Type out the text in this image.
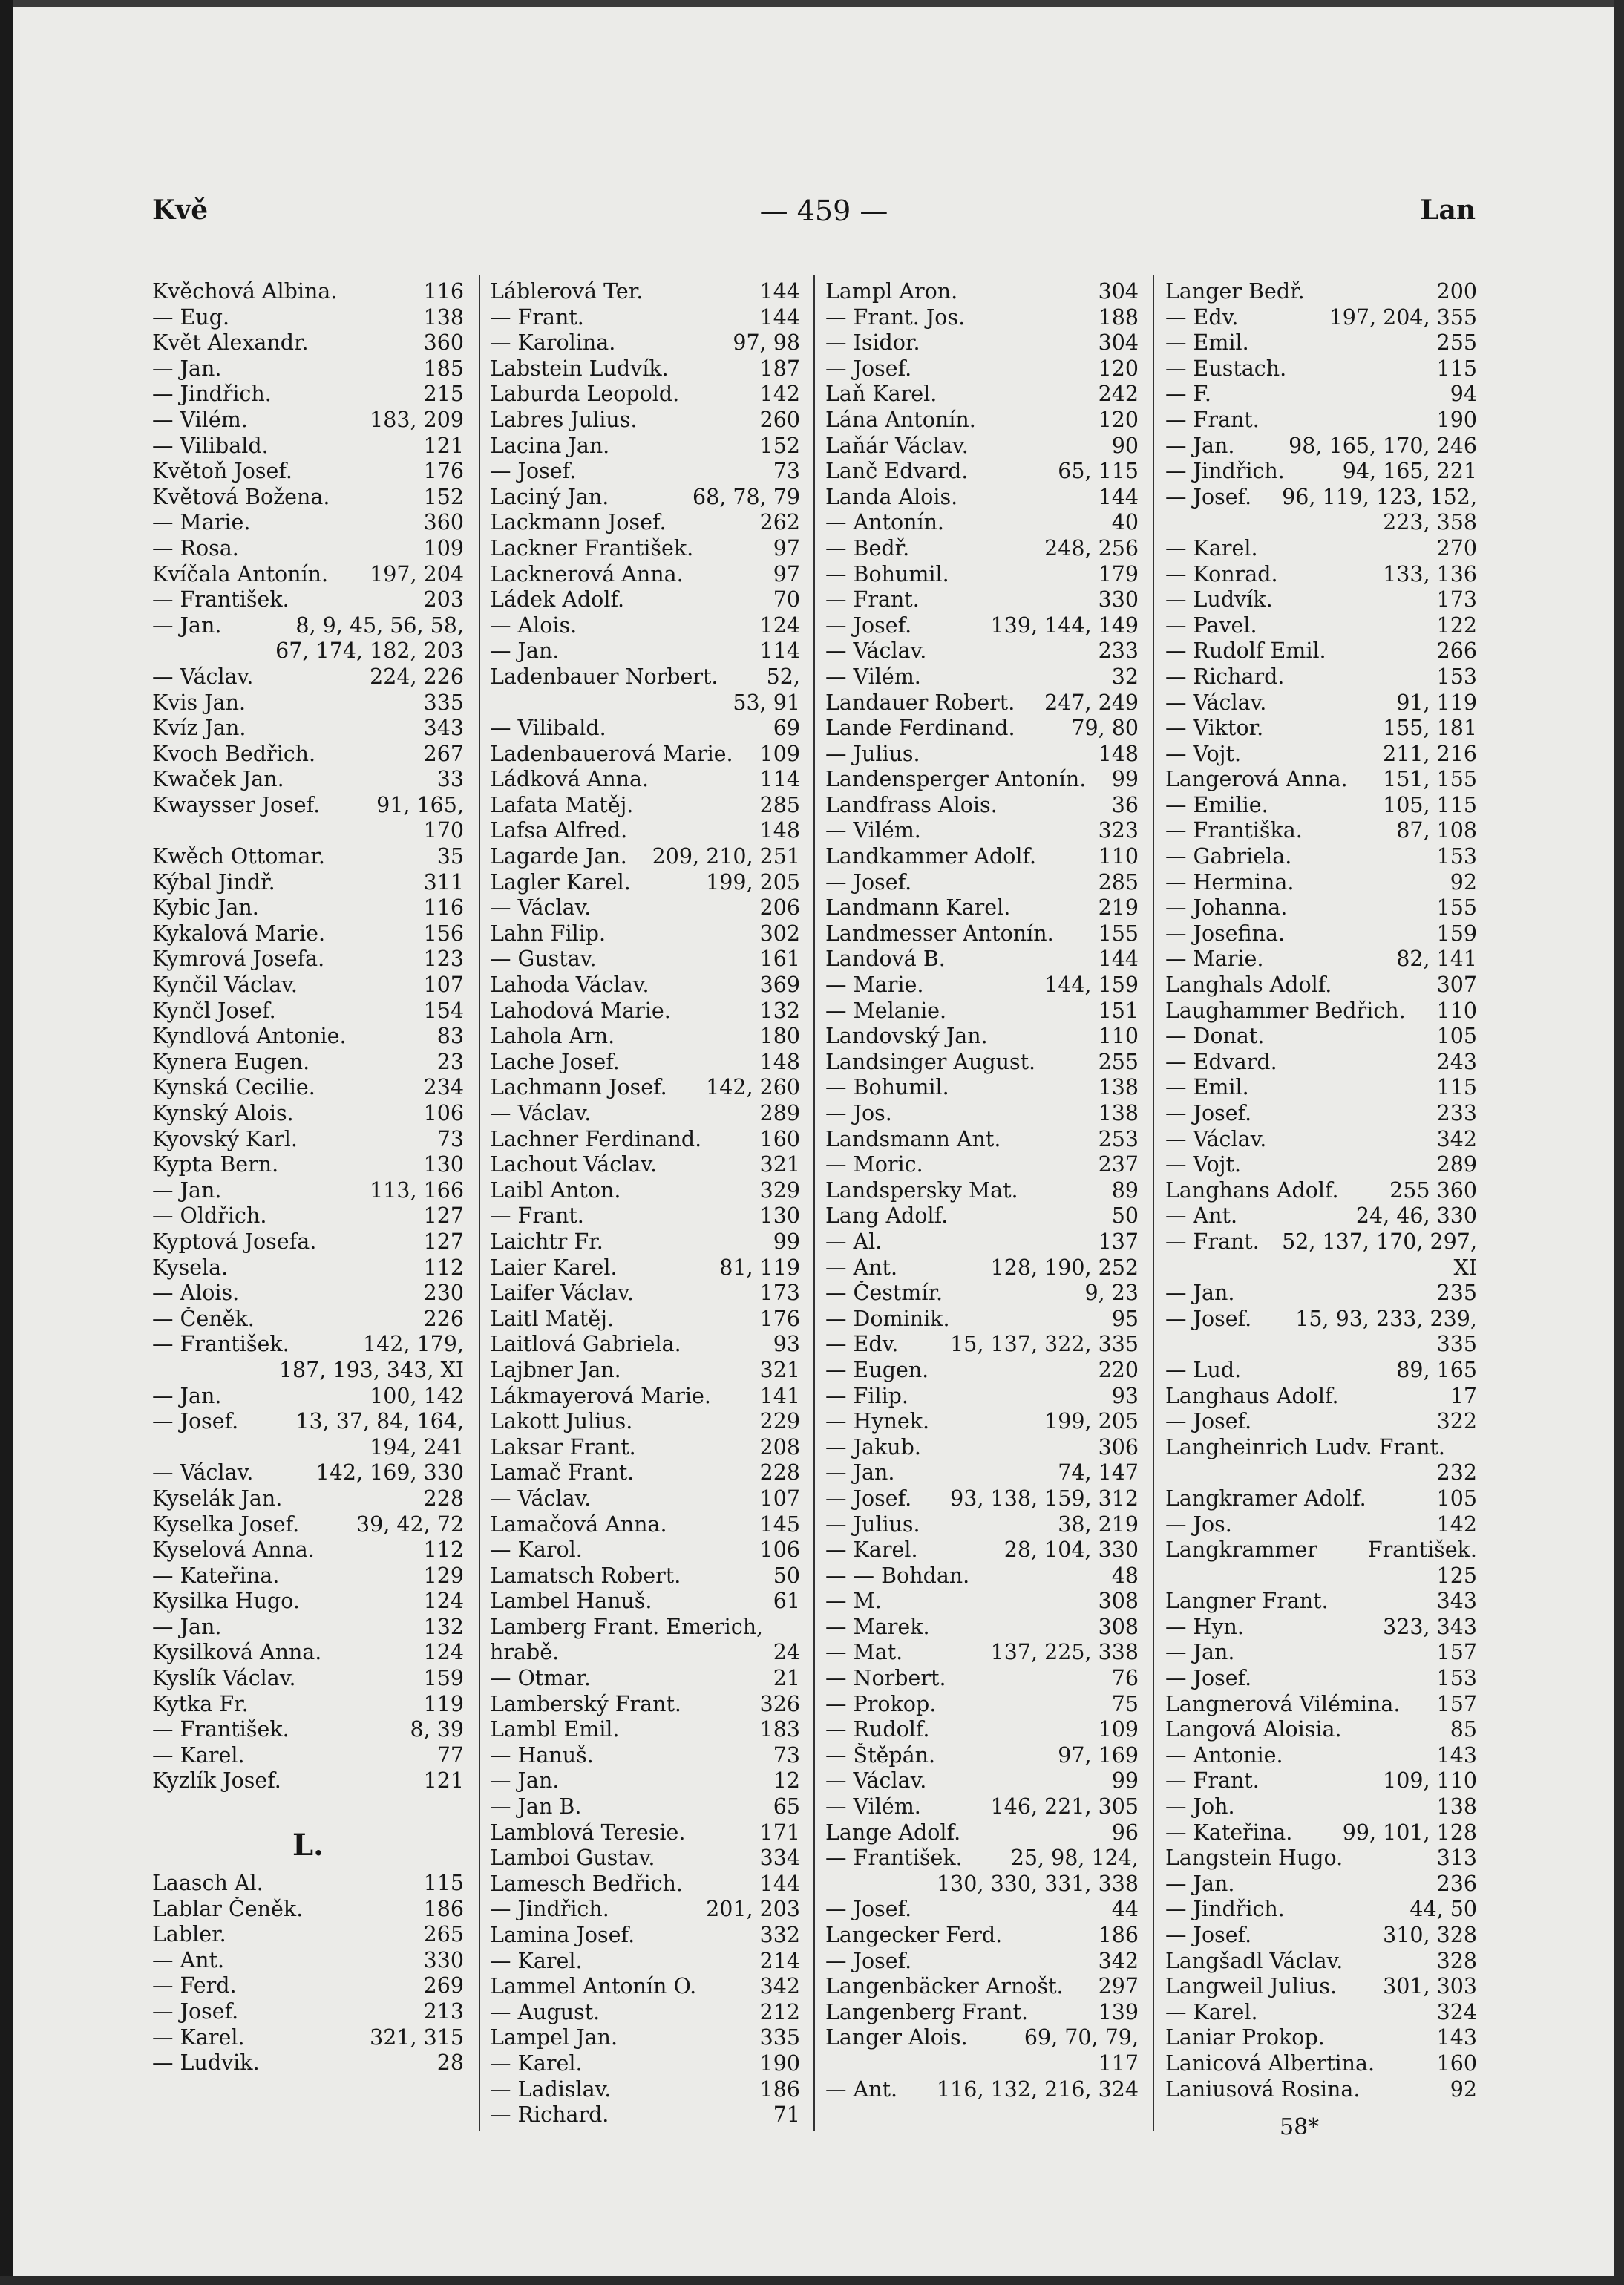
Kvě	— 459 —	Lan
Kvěchová Albina.	116
— Eug.	138
Květ Alexandr.	360
— Jan.	185
— Jindřich.	215
— Vilém.	183, 209
— Vilibald.	121
Květoň Josef.	176
Květová Božena.	152
— Marie.	360
— Rosa.	109
Kvíčala Antonín. 197, 204
— František.	203
— Jan.	8, 9, 45, 56, 58,
67, 174, 182, 203
— Václav.	224, 226
Kvis Jan.	335
Kvíz Jan.	343
Kvoch Bedřich.	267
Kwaček Jan.	33
Kwaysser Josef.	91, 165,
170
Kwěch Ottomar.	35
Kýbal Jindř.	311
Kybic Jan.	116
Kykalová Marie.	156
Kymrová Josefa.	123
Kynčil Václav.	107
Kynčl Josef.	154
Kyndlová Antonie.	83
Kynera Eugen.	23
Kynská Cecilie.	234
Kynský Alois.	106
Kyovský Karl.	73
Kypta Bern.	130
— Jan.	113, 166
— Oldřich.	127
Kyptová Josefa.	127
Kysela.	112
— Alois.	230
— Čeněk.	226
— František.	142, 179,
187, 193, 343, XI
— Jan.	100, 142
— Josef.	13, 37, 84, 164,
194, 241
— Václav.	142, 169, 330
Kyselák Jan.	228
Kyselka Josef.	39, 42, 72
Kyselová Anna.	112
— Kateřina.	129
Kysilka Hugo.	124
— Jan.	132
Kysilková Anna.	124
Kyslík Václav.	159
Kytka Fr.	119
— František.	8, 39
— Karel.	77
Kyzlík Josef.	121
L.
Laasch Al.	115
Lablar Čeněk.	186
Labler.	265
— Ant.	330
— Ferd.	269
— Josef.	213
— Karel.	321, 315
— Ludvik.	28
Láblerová Ter.	144
— Frant.	144
— Karolina.	97, 98
Labstein Ludvík.	187
Laburda Leopold.	142
Labres Julius.	260
Lacina Jan.	152
— Josef.	73
Laciný Jan.	68, 78, 79
Lackmann Josef.	262
Lackner František.	97
Lacknerová Anna.	97
Ládek Adolf.	70
— Alois.	124
— Jan.	114
Ladenbauer Norbert. 52,
53, 91
— Vilibald.	69
Ladenbauerová Marie. 109
Ládková Anna.	114
Lafata Matěj.	285
Lafsa Alfred.	148
Lagarde Jan. 209, 210, 251
Lagler Karel.	199, 205
— Václav.	206
Lahn Filip.	302
— Gustav.	161
Lahoda Václav.	369
Lahodová Marie.	132
Lahola Arn.	180
Lache Josef.	148
Lachmann Josef. 142, 260
— Václav.	289
Lachner Ferdinand.	160
Lachout Václav.	321
Laibl Anton.	329
— Frant.	130
Laichtr Fr.	99
Laier Karel.	81, 119
Laifer Václav.	173
Laitl Matěj.	176
Laitlová Gabriela.	93
Lajbner Jan.	321
Lákmayerová Marie. 141
Lakott Julius.	229
Laksar Frant.	208
Lamač Frant.	228
— Václav.	107
Lamačová Anna.	145
— Karol.	106
Lamatsch Robert.	50
Lambel Hanuš.	61
Lamberg Frant. Emerich,
hrabě.	24
— Otmar.	21
Lamberský Frant.	326
Lambl Emil.	183
— Hanuš.	73
— Jan.	12
— Jan B.	65
Lamblová Teresie.	171
Lamboi Gustav.	334
Lamesch Bedřich.	144
— Jindřich.	201, 203
Lamina Josef.	332
— Karel.	214
Lammel Antonín O.	342
— August.	212
Lampel Jan.	335
— Karel.	190
— Ladislav.	186
— Richard.	71
Lampl Aron.	304
— Frant. Jos.	188
— Isidor.	304
— Josef.	120
Laň Karel.	242
Lána Antonín.	120
Laňár Václav.	90
Lanč Edvard.	65, 115
Landa Alois.	144
— Antonín.	40
— Bedř.	248, 256
— Bohumil.	179
— Frant.	330
— Josef.	139, 144, 149
— Václav.	233
— Vilém.	32
Landauer Robert. 247, 249
Lande Ferdinand.	79, 80
— Julius.	148
Landensperger Antonín. 99
Landfrass Alois.	36
— Vilém.	323
Landkammer Adolf.	110
— Josef.	285
Landmann Karel.	219
Landmesser Antonín. 155
Landová B.	144
— Marie.	144, 159
— Melanie.	151
Landovský Jan.	110
Landsinger August.	255
— Bohumil.	138
— Jos.	138
Landsmann Ant.	253
— Moric.	237
Landspersky Mat.	89
Lang Adolf.	50
— Al.	137
— Ant.	128, 190, 252
— Čestmír.	9, 23
— Dominik.	95
— Edv. 15, 137, 322, 335
— Eugen.	220
— Filip.	93
— Hynek.	199, 205
— Jakub.	306
— Jan.	74, 147
— Josef. 93, 138, 159, 312
— Julius.	38, 219
— Karel.	28, 104, 330
— — Bohdan.	48
— M.	308
— Marek.	308
— Mat.	137, 225, 338
— Norbert.	76
— Prokop.	75
— Rudolf.	109
— Štěpán.	97, 169
— Václav.	99
— Vilém.	146, 221, 305
Lange Adolf.	96
— František. 25, 98, 124,
130, 330, 331, 338
— Josef.	44
Langecker Ferd.	186
— Josef.	342
Langenbäcker Arnošt. 297
Langenberg Frant.	139
Langer Alois.	69, 70, 79,
117
— Ant. 116, 132, 216, 324
Langer Bedř.	200
— Edv.	197, 204, 355
— Emil.	255
— Eustach.	115
— F.	94
— Frant.	190
— Jan.	98, 165, 170, 246
— Jindřich.	94, 165, 221
— Josef. 96, 119, 123, 152,
223, 358
— Karel.	270
— Konrad.	133, 136
— Ludvík.	173
— Pavel.	122
— Rudolf Emil.	266
— Richard.	153
— Václav.	91, 119
— Viktor.	155, 181
— Vojt.	211, 216
Langerová Anna. 151, 155
— Emilie.	105, 115
— Františka.	87, 108
— Gabriela.	153
— Hermina.	92
— Johanna.	155
— Josefina.	159
— Marie.	82, 141
Langhals Adolf.	307
Laughammer Bedřich. 110
— Donat.	105
— Edvard.	243
— Emil.	115
— Josef.	233
— Václav.	342
— Vojt.	289
Langhans Adolf. 255 360
— Ant.	24, 46, 330
— Frant. 52, 137, 170, 297,
XI
— Jan.	235
— Josef. 15, 93, 233, 239,
335
— Lud.	89, 165
Langhaus Adolf.	17
— Josef.	322
Langheinrich Ludv. Frant.
232
Langkramer Adolf.	105
— Jos.	142
Langkrammer František.
125
Langner Frant.	343
— Hyn.	323, 343
— Jan.	157
— Josef.	153
Langnerová Vilémina. 157
Langová Aloisia.	85
— Antonie.	143
— Frant.	109, 110
— Joh.	138
— Kateřina. 99, 101, 128
Langstein Hugo.	313
— Jan.	236
— Jindřich.	44, 50
— Josef.	310, 328
Langšadl Václav.	328
Langweil Julius. 301, 303
— Karel.	324
Laniar Prokop.	143
Lanicová Albertina.	160
Laniusová Rosina.	92
58*
